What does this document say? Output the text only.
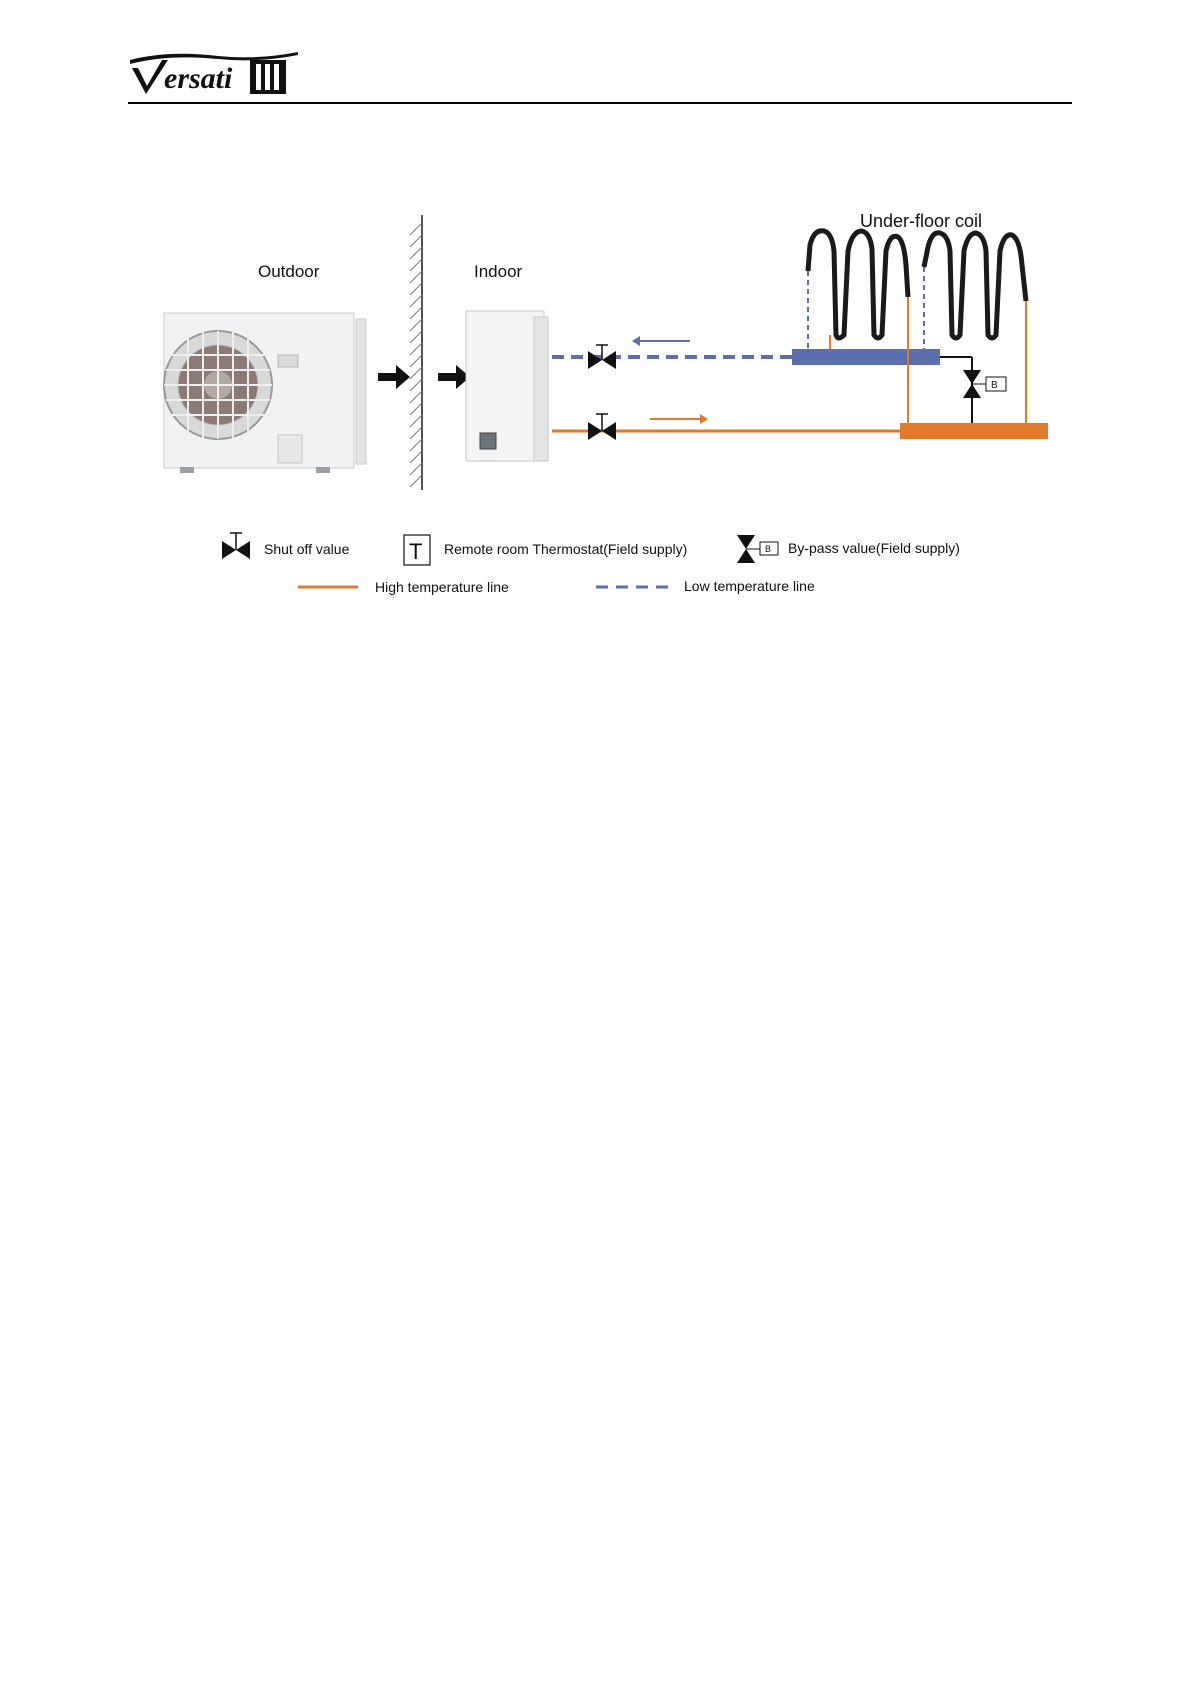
ersati
Outdoor	Indoor
Under-floor coil
B
Shut off value	T Remote room Thermostat(Field supply)	B By-pass value(Field supply)
High temperature line	Low temperature line
